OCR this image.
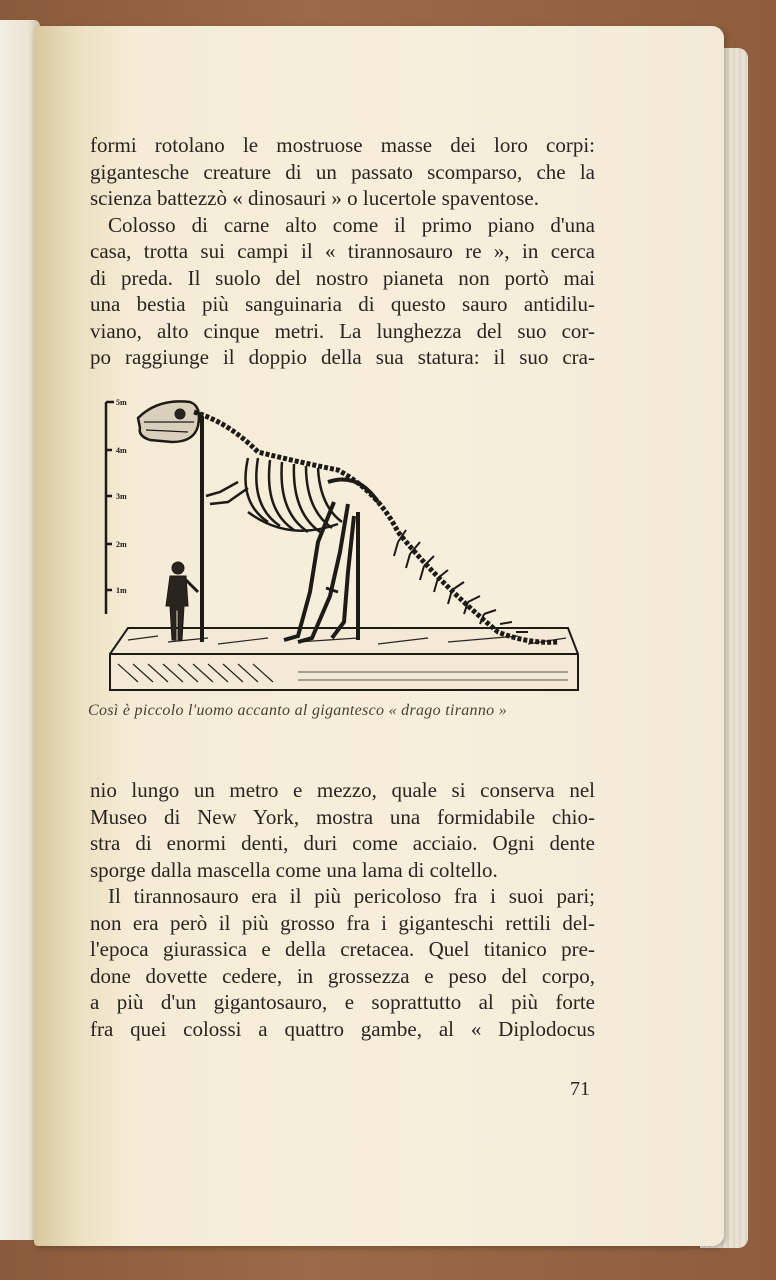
formi rotolano le mostruose masse dei loro corpi:
gigantesche creature di un passato scomparso, che la
scienza battezzò « dinosauri » o lucertole spaventose.
Colosso di carne alto come il primo piano d'una
casa, trotta sui campi il « tirannosauro re », in cerca
di preda. Il suolo del nostro pianeta non portò mai
una bestia più sanguinaria di questo sauro antidilu-
viano, alto cinque metri. La lunghezza del suo cor-
po raggiunge il doppio della sua statura: il suo cra-
5m
4m
3m
2m
1m
Così è piccolo l'uomo accanto al gigantesco « drago tiranno »
nio lungo un metro e mezzo, quale si conserva nel
Museo di New York, mostra una formidabile chio-
stra di enormi denti, duri come acciaio. Ogni dente
sporge dalla mascella come una lama di coltello.
Il tirannosauro era il più pericoloso fra i suoi pari;
non era però il più grosso fra i giganteschi rettili del-
l'epoca giurassica e della cretacea. Quel titanico pre-
done dovette cedere, in grossezza e peso del corpo,
a più d'un gigantosauro, e soprattutto al più forte
fra quei colossi a quattro gambe, al « Diplodocus
71
